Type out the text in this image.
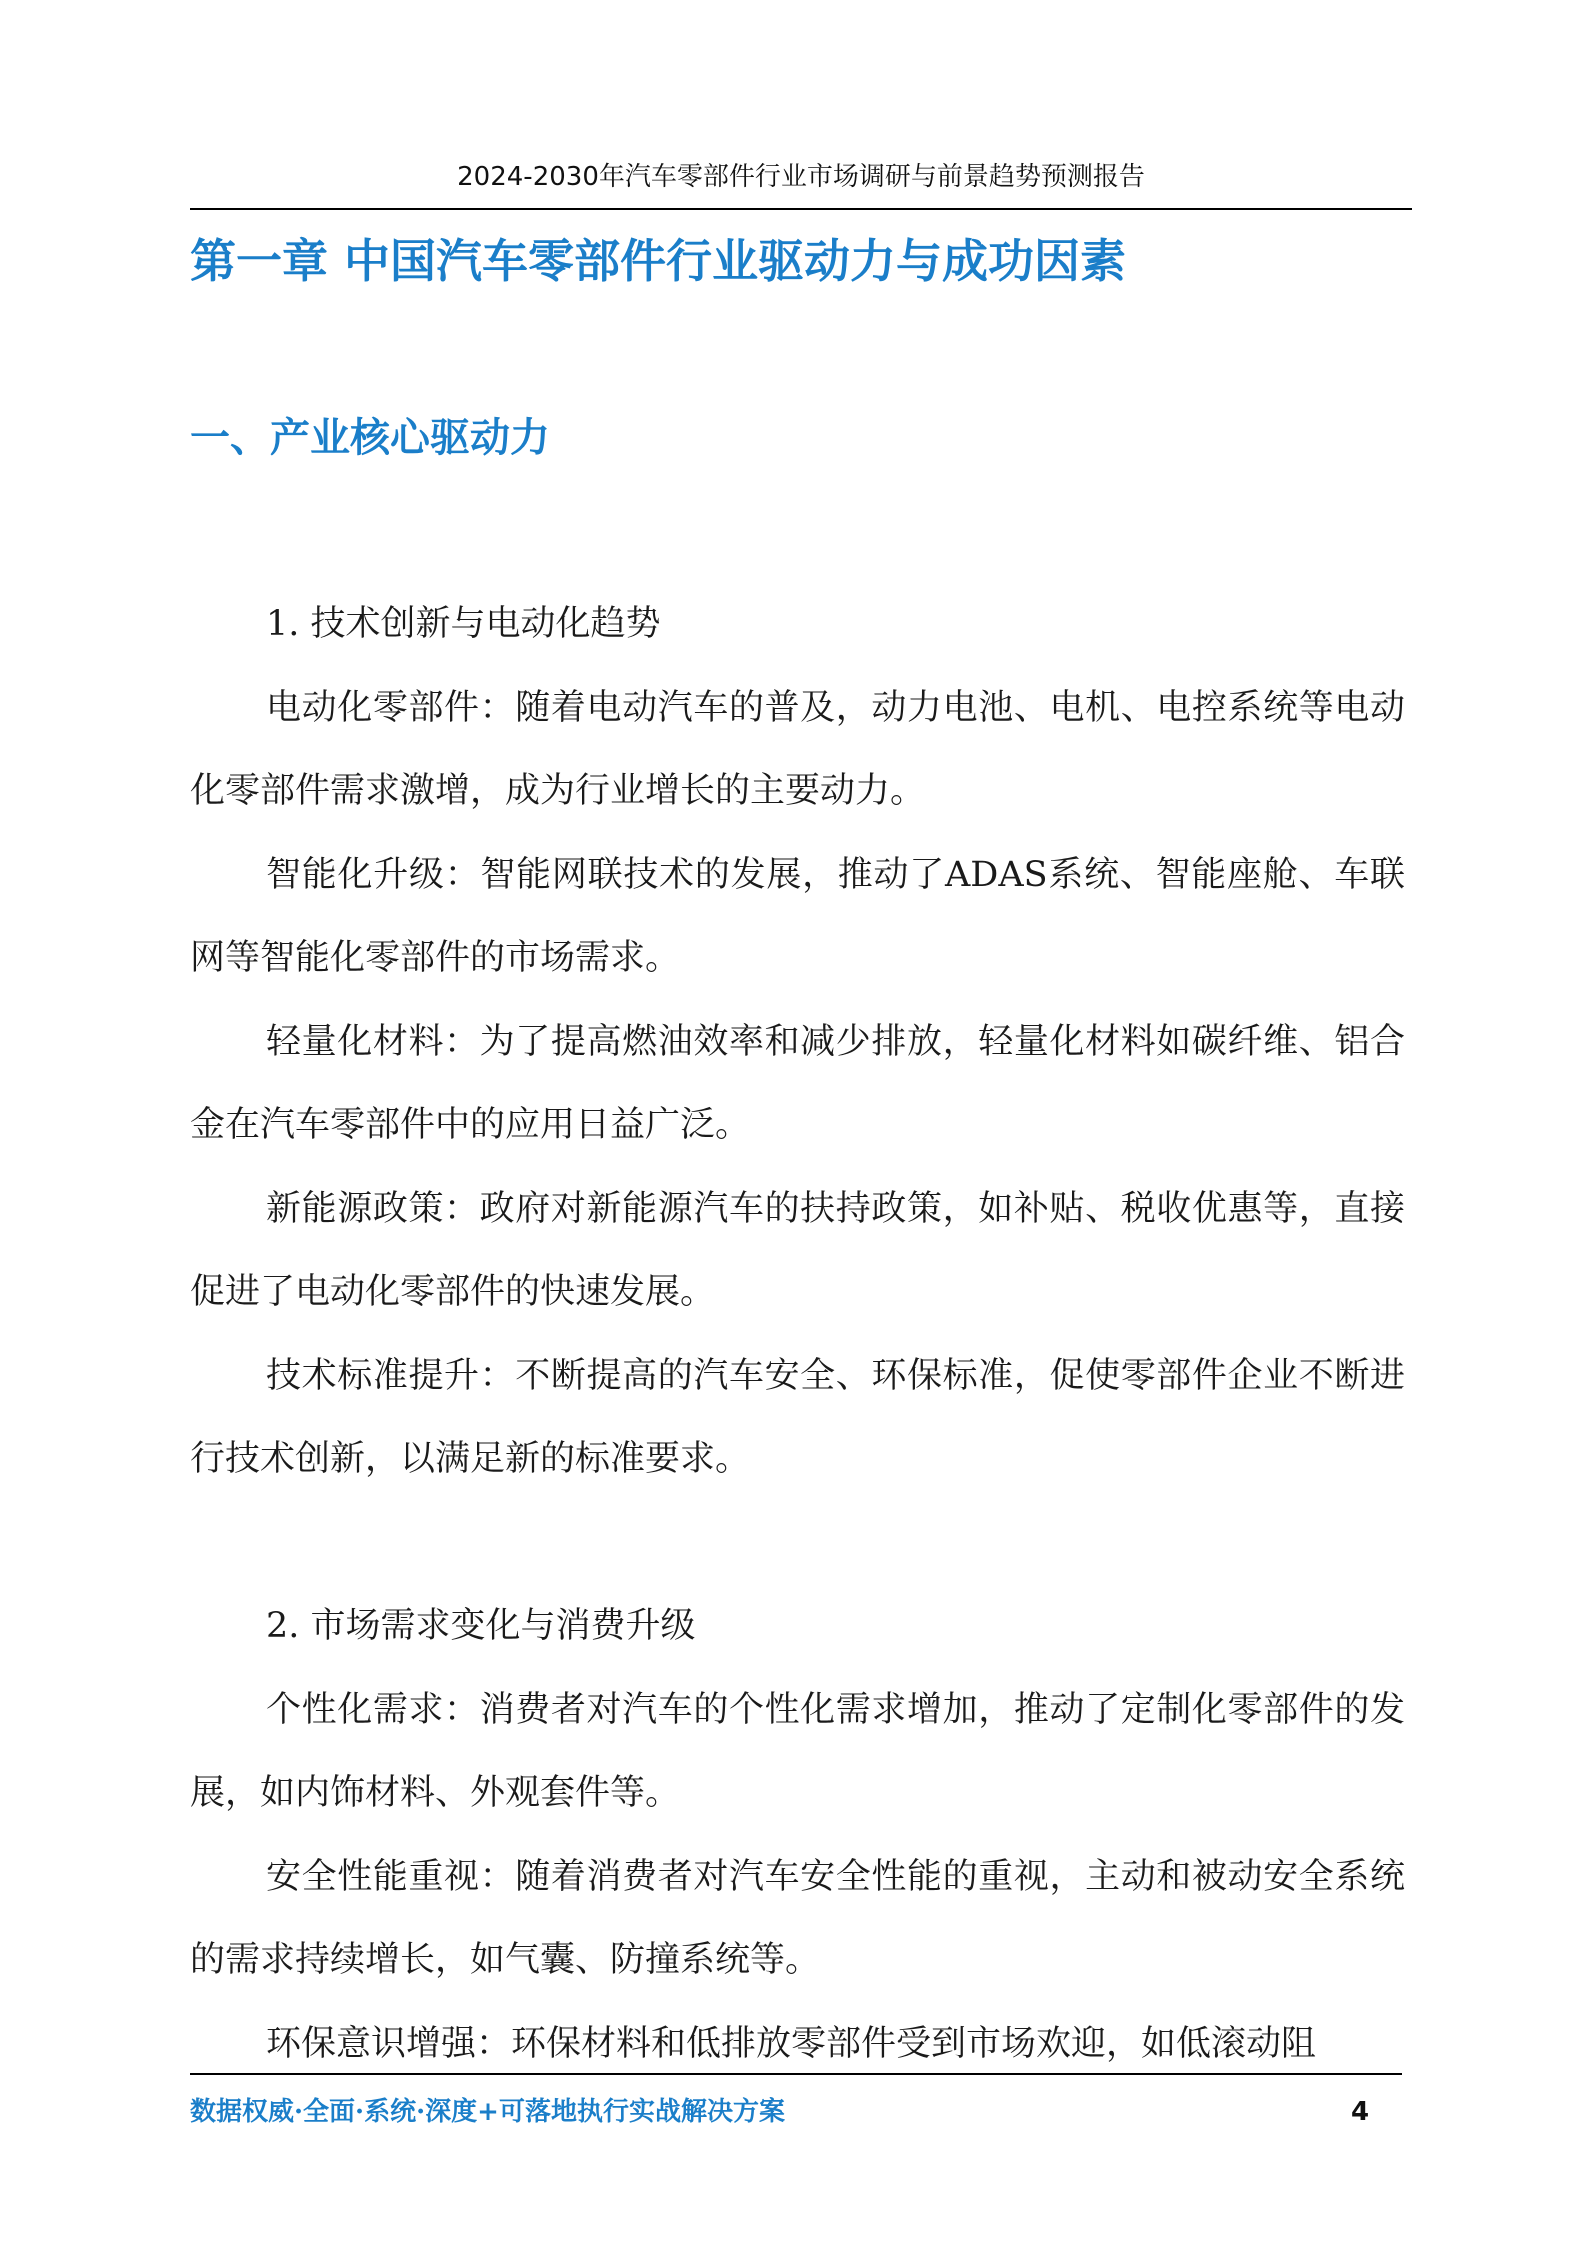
2024-2030年汽车零部件行业市场调研与前景趋势预测报告
第一章 中国汽车零部件行业驱动力与成功因素
一、产业核心驱动力

1. 技术创新与电动化趋势

电动化零部件：随着电动汽车的普及，动力电池、电机、电控系统等电动化零部件需求激增，成为行业增长的主要动力。

智能化升级：智能网联技术的发展，推动了ADAS系统、智能座舱、车联网等智能化零部件的市场需求。

轻量化材料：为了提高燃油效率和减少排放，轻量化材料如碳纤维、铝合金在汽车零部件中的应用日益广泛。

新能源政策：政府对新能源汽车的扶持政策，如补贴、税收优惠等，直接促进了电动化零部件的快速发展。

技术标准提升：不断提高的汽车安全、环保标准，促使零部件企业不断进行技术创新，以满足新的标准要求。

2. 市场需求变化与消费升级

个性化需求：消费者对汽车的个性化需求增加，推动了定制化零部件的发展，如内饰材料、外观套件等。

安全性能重视：随着消费者对汽车安全性能的重视，主动和被动安全系统的需求持续增长，如气囊、防撞系统等。

环保意识增强：环保材料和低排放零部件受到市场欢迎，如低滚动阻

数据权威·全面·系统·深度+可落地执行实战解决方案	4
